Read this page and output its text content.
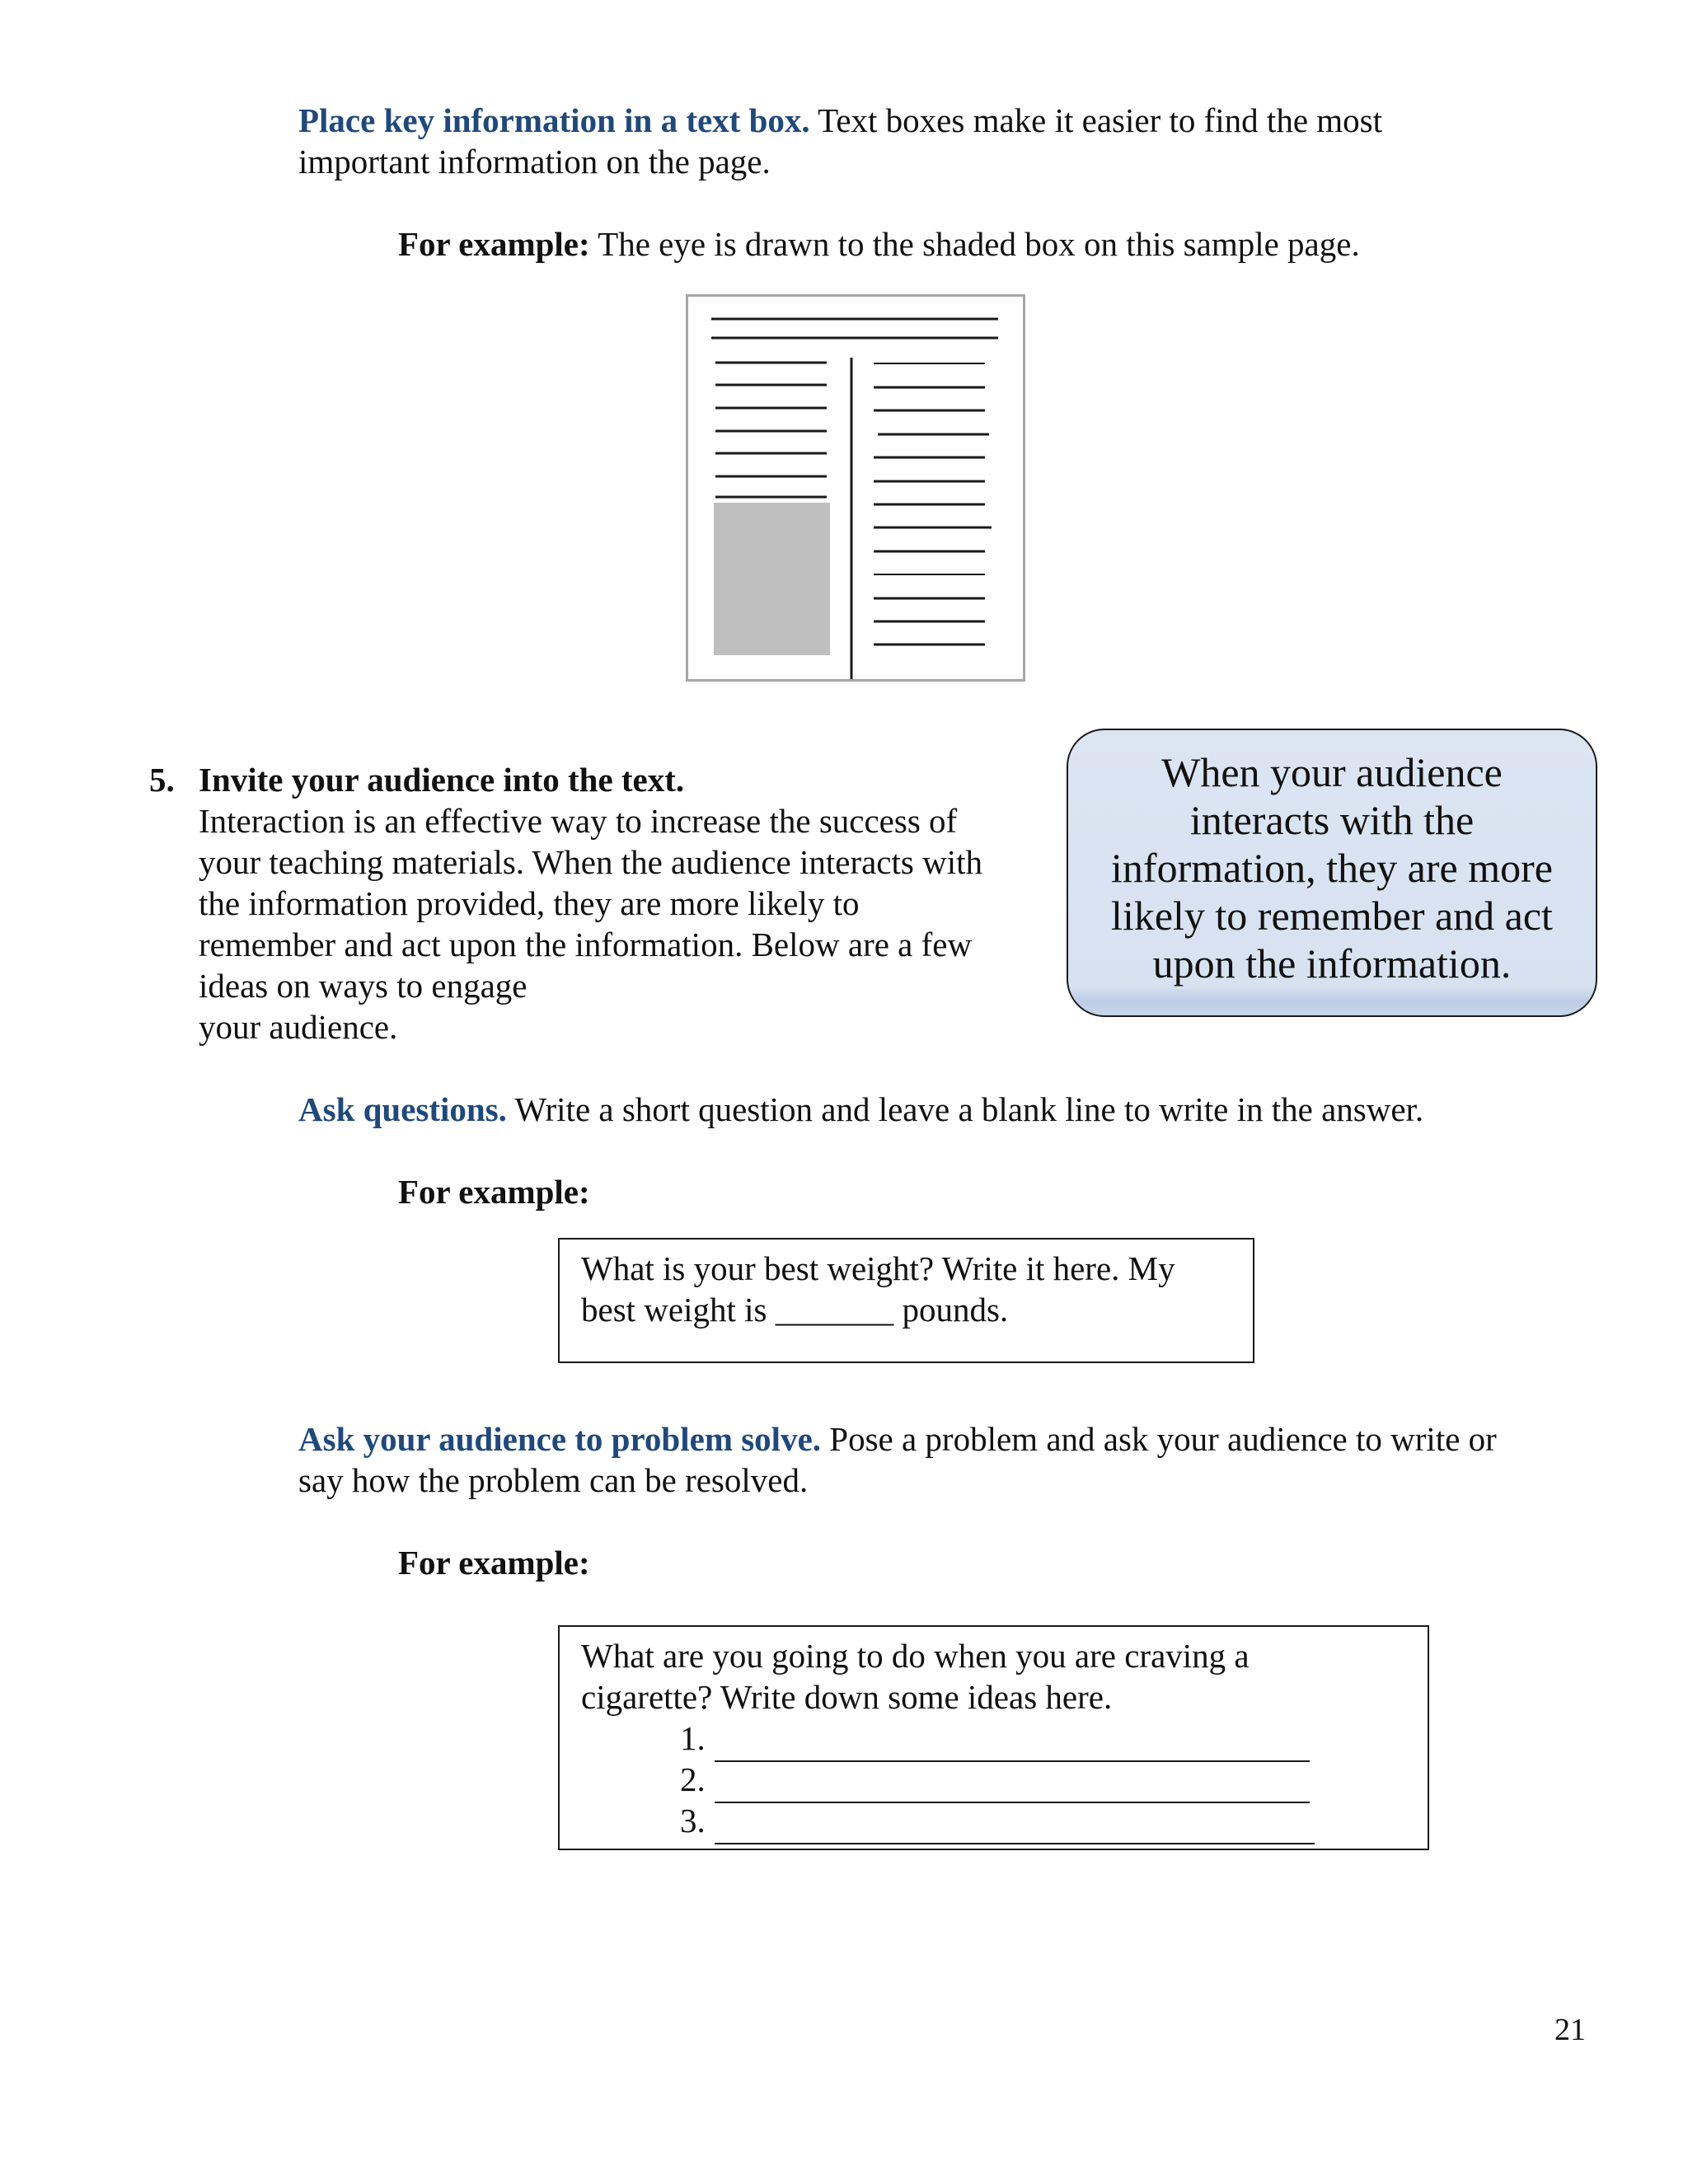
Place key information in a text box. Text boxes make it easier to find the most
important information on the page.
For example: The eye is drawn to the shaded box on this sample page.
5. Invite your audience into the text.
Interaction is an effective way to increase the success of
your teaching materials. When the audience interacts with
the information provided, they are more likely to
remember and act upon the information. Below are a few
ideas on ways to engage
your audience.
When your audience
interacts with the
information, they are more
likely to remember and act
upon the information.
Ask questions. Write a short question and leave a blank line to write in the answer.
For example:
What is your best weight? Write it here. My
best weight is _______ pounds.
Ask your audience to problem solve. Pose a problem and ask your audience to write or
say how the problem can be resolved.
For example:
What are you going to do when you are craving a
cigarette? Write down some ideas here.
1.
2.
3.
21
